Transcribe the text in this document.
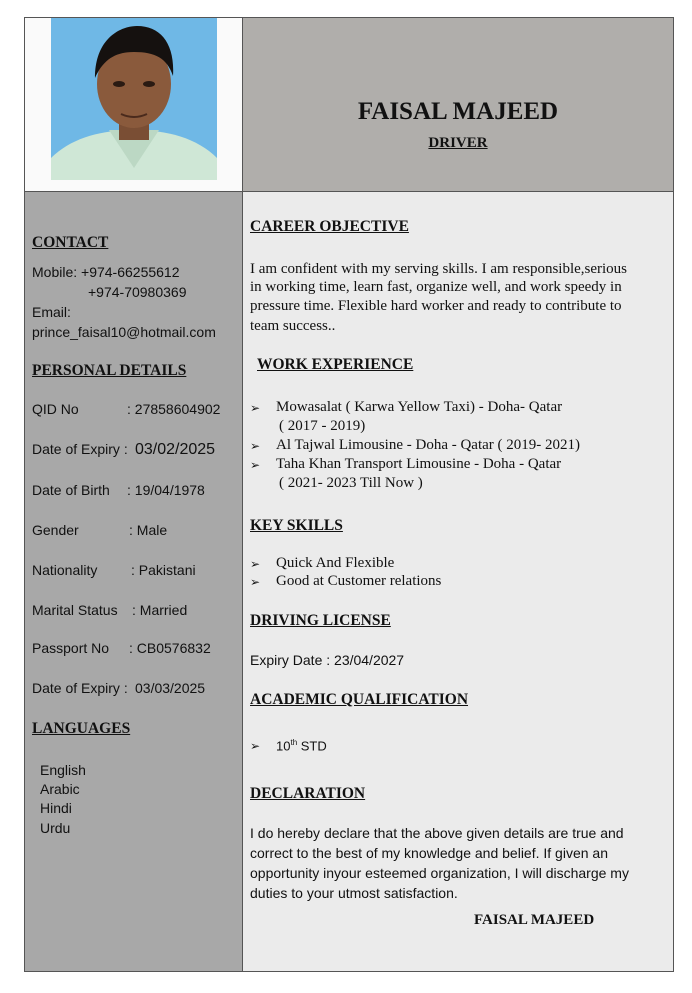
FAISAL MAJEED
DRIVER
CONTACT
Mobile: +974-66255612
+974-70980369
Email:
prince_faisal10@hotmail.com
PERSONAL DETAILS
QID No	: 27858604902
Date of Expiry : 03/02/2025
Date of Birth : 19/04/1978
Gender	: Male
Nationality : Pakistani
Marital Status : Married
Passport No : CB0576832
Date of Expiry : 03/03/2025
LANGUAGES
English
Arabic
Hindi
Urdu
CAREER OBJECTIVE
I am confident with my serving skills. I am responsible,serious
in working time, learn fast, organize well, and work speedy in
pressure time. Flexible hard worker and ready to contribute to
team success..
WORK EXPERIENCE
➢ Mowasalat ( Karwa Yellow Taxi) - Doha- Qatar
( 2017 - 2019)
➢ Al Tajwal Limousine - Doha - Qatar ( 2019- 2021)
➢ Taha Khan Transport Limousine - Doha - Qatar
( 2021- 2023 Till Now )
KEY SKILLS
➢ Quick And Flexible
➢ Good at Customer relations
DRIVING LICENSE
Expiry Date : 23/04/2027
ACADEMIC QUALIFICATION
➢ 10th STD
DECLARATION
I do hereby declare that the above given details are true and
correct to the best of my knowledge and belief. If given an
opportunity inyour esteemed organization, I will discharge my
duties to your utmost satisfaction.
FAISAL MAJEED
